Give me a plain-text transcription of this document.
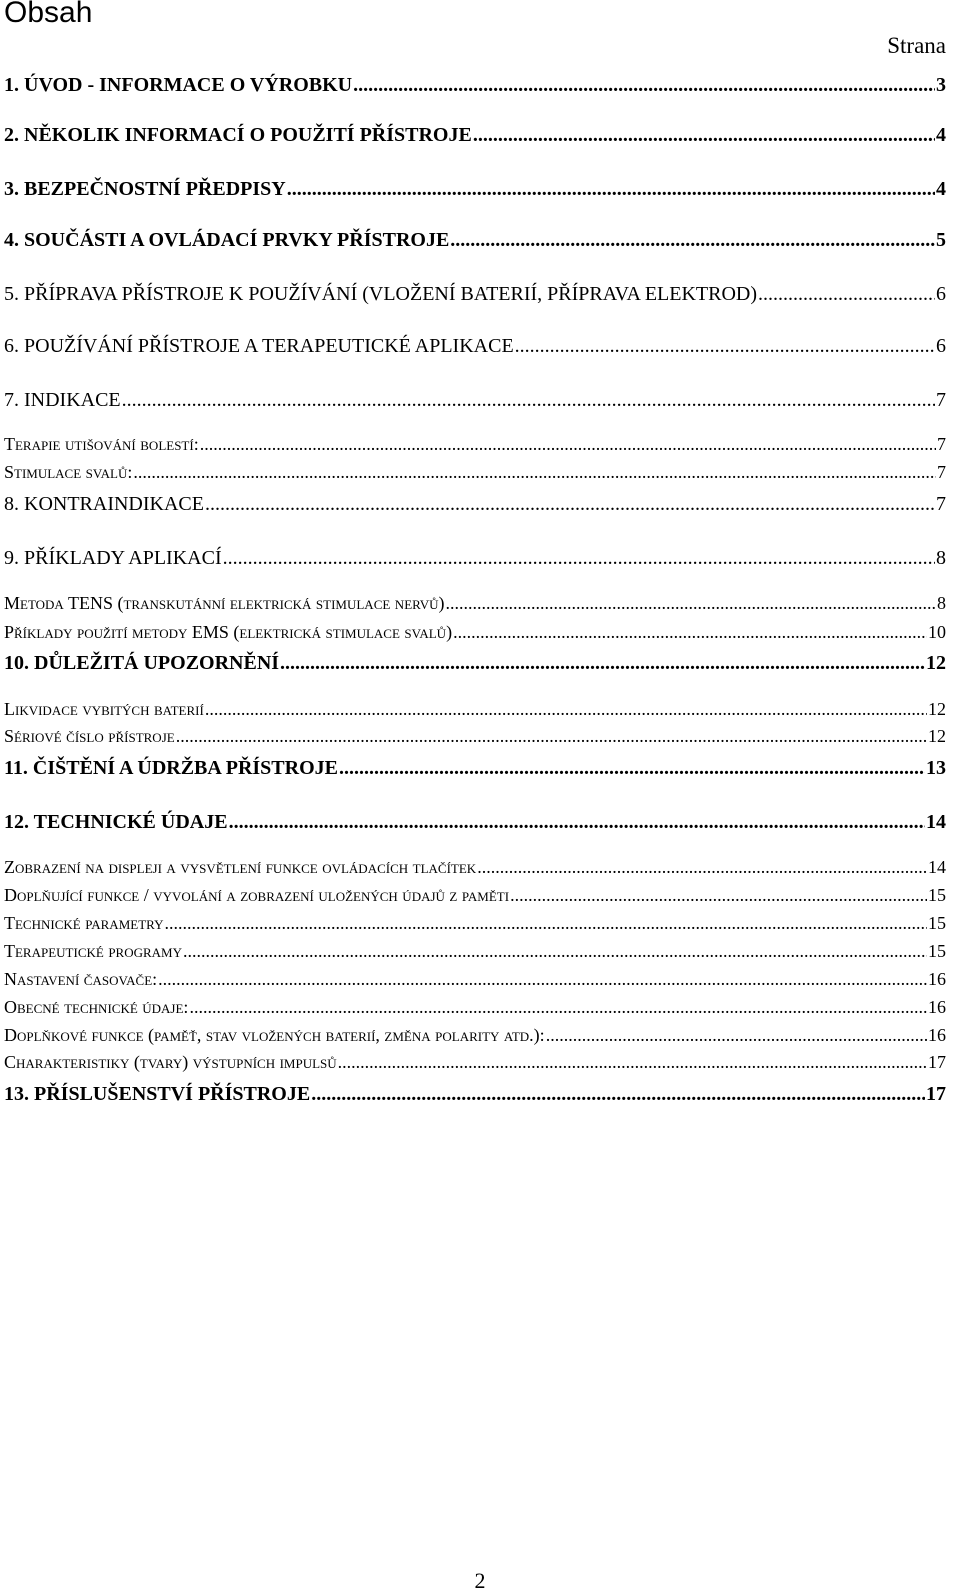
Obsah
Strana
1. ÚVOD - INFORMACE O VÝROBKU .....	3
2. NĚKOLIK INFORMACÍ O POUŽITÍ PŘÍSTROJE .....	4
3. BEZPEČNOSTNÍ PŘEDPISY .....	4
4. SOUČÁSTI A OVLÁDACÍ PRVKY PŘÍSTROJE .....	5
5. PŘÍPRAVA PŘÍSTROJE K POUŽÍVÁNÍ (VLOŽENÍ BATERIÍ, PŘÍPRAVA ELEKTROD) .....	6
6. POUŽÍVÁNÍ PŘÍSTROJE A TERAPEUTICKÉ APLIKACE .....	6
7. INDIKACE .....	7
Terapie utišování bolestí: .....	7
Stimulace svalů: .....	7
8. KONTRAINDIKACE .....	7
9. PŘÍKLADY APLIKACÍ .....	8
Metoda TENS (transkutánní elektrická stimulace nervů) .....	8
Příklady použití metody EMS (elektrická stimulace svalů) .....	10
10. DŮLEŽITÁ UPOZORNĚNÍ .....	12
Likvidace vybitých baterií .....	12
Sériové číslo přístroje .....	12
11. ČIŠTĚNÍ A ÚDRŽBA PŘÍSTROJE .....	13
12. TECHNICKÉ ÚDAJE .....	14
Zobrazení na displeji a vysvětlení funkce ovládacích tlačítek .....	14
Doplňující funkce / vyvolání a zobrazení uložených údajů z paměti .....	15
Technické parametry .....	15
Terapeutické programy .....	15
Nastavení časovače: .....	16
Obecné technické údaje: .....	16
Doplňkové funkce (paměť, stav vložených baterií, změna polarity atd.): .....	16
Charakteristiky (tvary) výstupních impulsů .....	17
13. PŘÍSLUŠENSTVÍ PŘÍSTROJE .....	17
2
